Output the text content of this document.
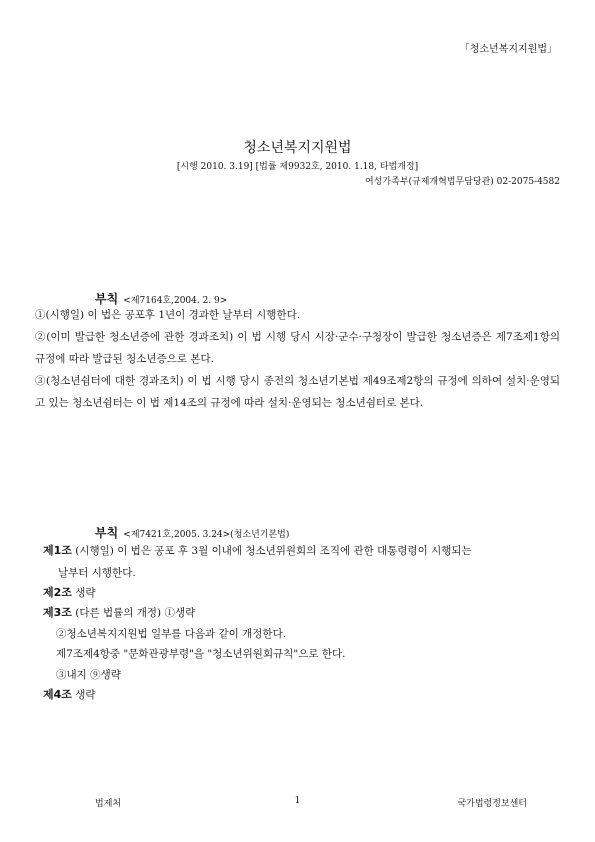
「청소년복지지원법」
청소년복지지원법
[시행 2010. 3.19] [법률 제9932호, 2010. 1.18, 타법개정]
여성가족부(규제개혁법무담당관) 02-2075-4582
부칙 <제7164호,2004. 2. 9>
①(시행일) 이 법은 공포후 1년이 경과한 날부터 시행한다.
②(이미 발급한 청소년증에 관한 경과조치) 이 법 시행 당시 시장·군수·구청장이 발급한 청소년증은 제7조제1항의 규정에 따라 발급된 청소년증으로 본다.
③(청소년쉼터에 대한 경과조치) 이 법 시행 당시 종전의 청소년기본법 제49조제2항의 규정에 의하여 설치·운영되고 있는 청소년쉼터는 이 법 제14조의 규정에 따라 설치·운영되는 청소년쉼터로 본다.
부칙 <제7421호,2005. 3.24>(청소년기본법)
제1조 (시행일) 이 법은 공포 후 3월 이내에 청소년위원회의 조직에 관한 대통령령이 시행되는
날부터 시행한다.
제2조 생략
제3조 (다른 법률의 개정) ①생략
②청소년복지지원법 일부를 다음과 같이 개정한다.
제7조제4항중 "문화관광부령"을 "청소년위원회규칙"으로 한다.
③내지 ⑨생략
제4조 생략
법제처	1	국가법령정보센터
